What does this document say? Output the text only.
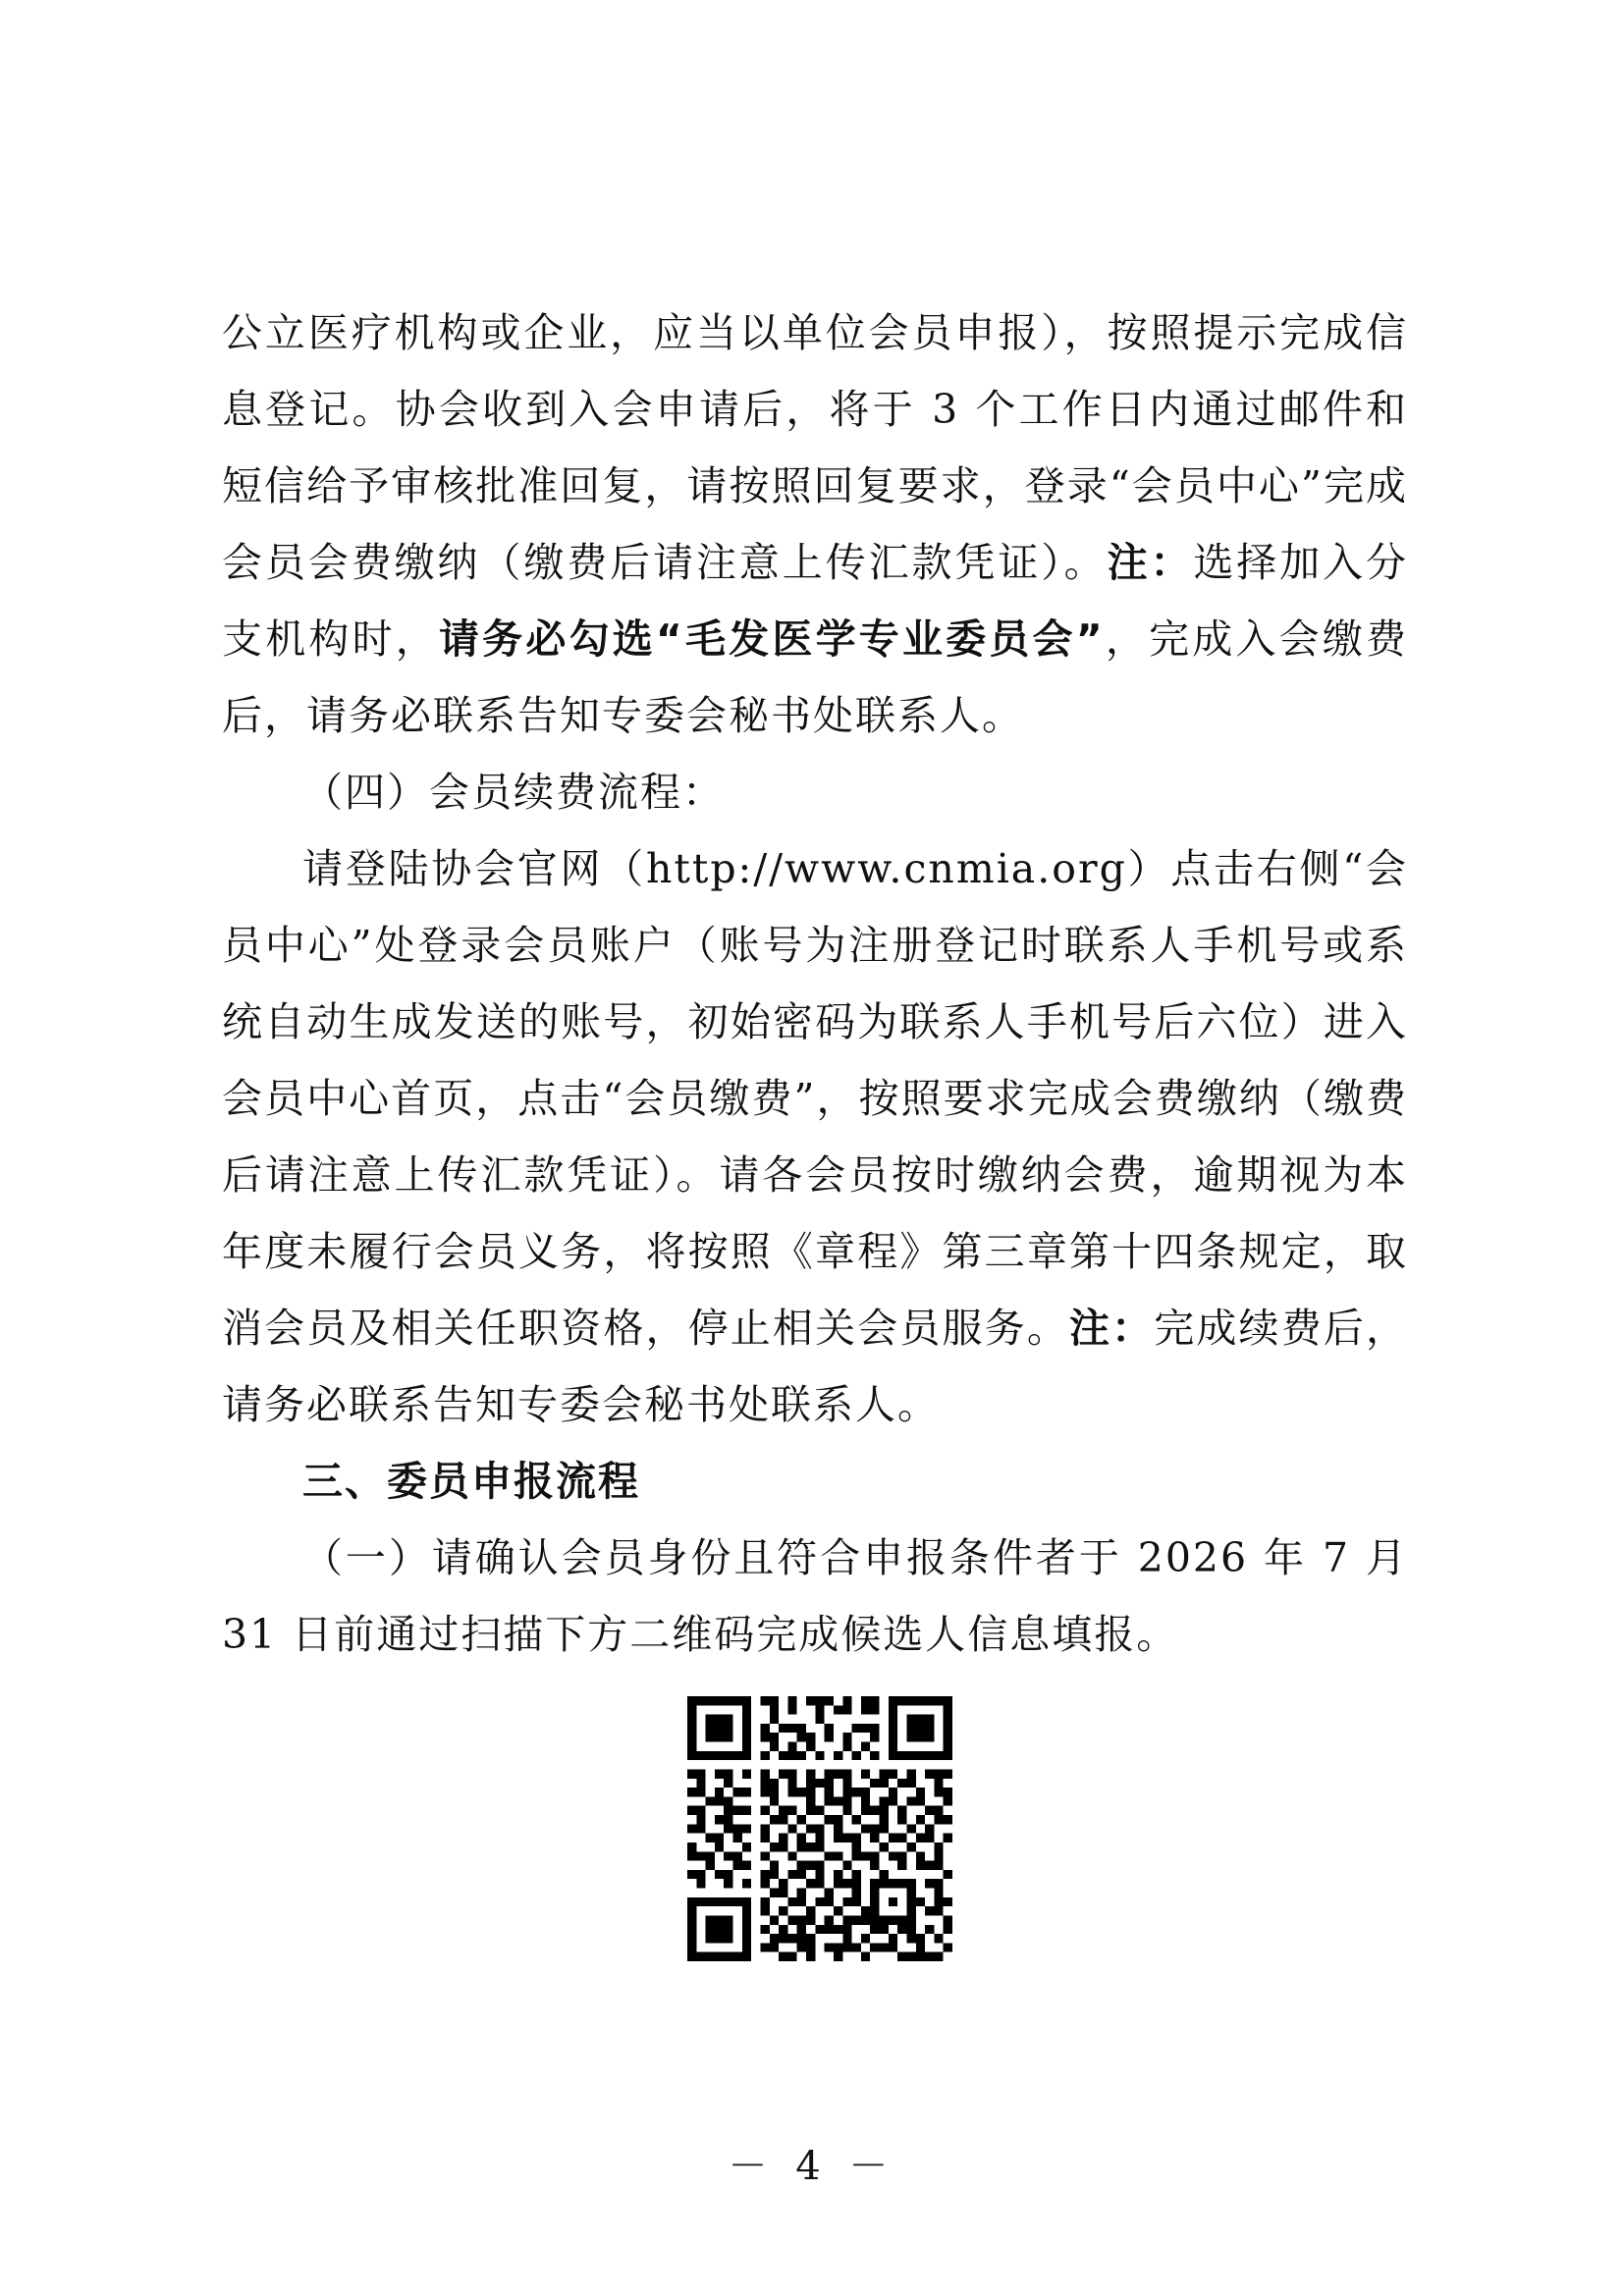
公立医疗机构或企业，应当以单位会员申报），按照提示完成信息登记。协会收到入会申请后，将于 3 个工作日内通过邮件和短信给予审核批准回复，请按照回复要求，登录“会员中心”完成会员会费缴纳（缴费后请注意上传汇款凭证）。注：选择加入分支机构时，请务必勾选“毛发医学专业委员会”，完成入会缴费后，请务必联系告知专委会秘书处联系人。

（四）会员续费流程：

请登陆协会官网（http://www.cnmia.org）点击右侧“会员中心”处登录会员账户（账号为注册登记时联系人手机号或系统自动生成发送的账号，初始密码为联系人手机号后六位）进入会员中心首页，点击“会员缴费”，按照要求完成会费缴纳（缴费后请注意上传汇款凭证）。请各会员按时缴纳会费，逾期视为本年度未履行会员义务，将按照《章程》第三章第十四条规定，取消会员及相关任职资格，停止相关会员服务。注：完成续费后，请务必联系告知专委会秘书处联系人。

三、委员申报流程

（一）请确认会员身份且符合申报条件者于 2026 年 7 月 31 日前通过扫描下方二维码完成候选人信息填报。

－ 4 －
